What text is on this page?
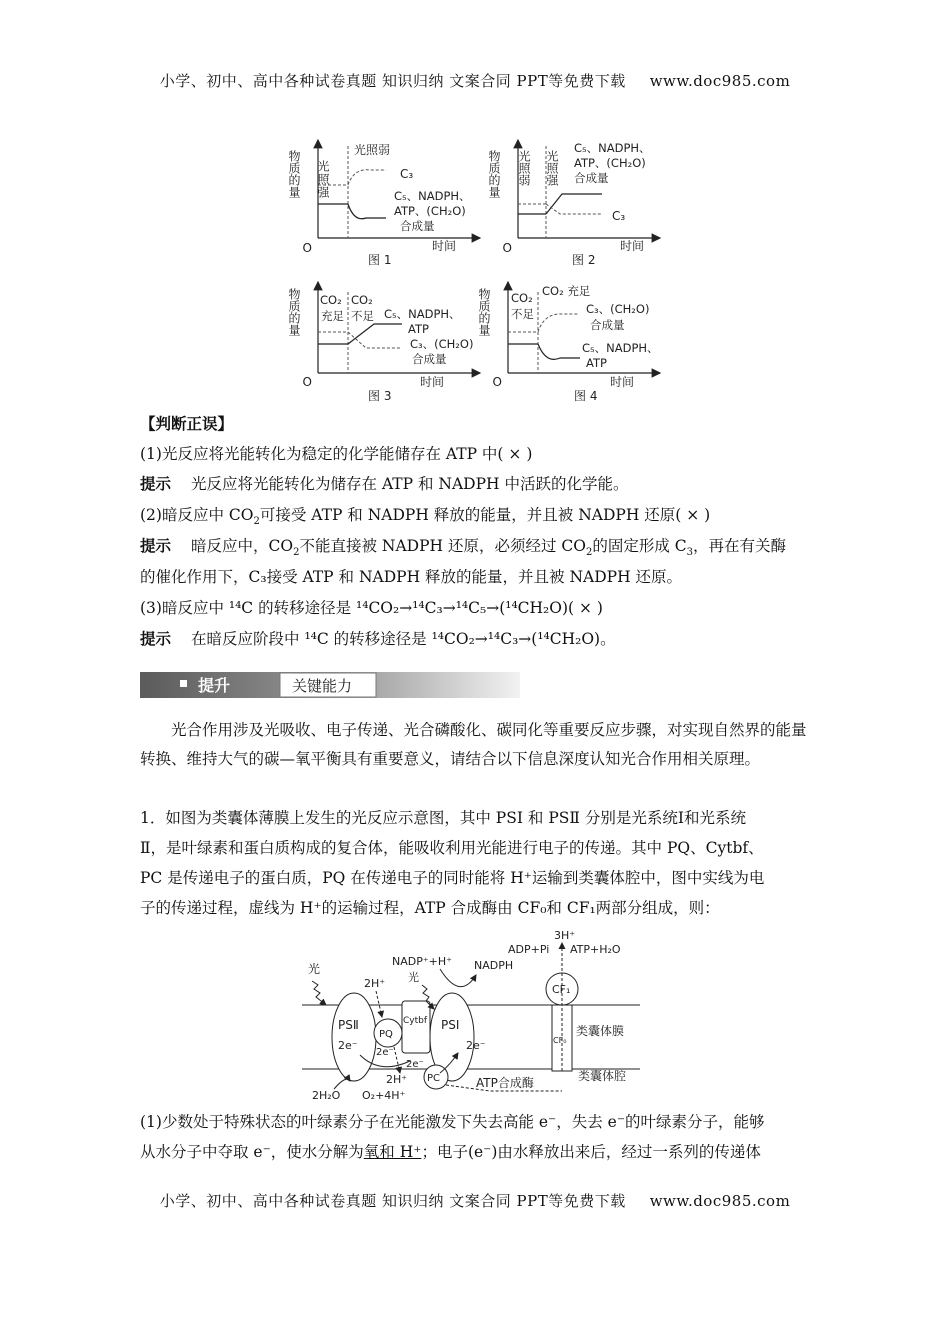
小学、初中、高中各种试卷真题 知识归纳 文案合同 PPT等免费下载 www.doc985.com
O
物质的量
时间
光照强
光照弱
C₃
C₅、NADPH、
ATP、(CH₂O)
合成量
图 1
O
物质的量
时间
光照弱 光照强
C₅、NADPH、
ATP、(CH₂O)
合成量
C₃
图 2
O
物质的量
时间
CO₂
充足
CO₂
不足 C₅、NADPH、
ATP
C₃、(CH₂O)
合成量
图 3
O
物质的量
时间
CO₂
不足
CO₂ 充足
C₃、(CH₂O)
合成量
C₅、NADPH、
ATP
图 4
【判断正误】
(1)光反应将光能转化为稳定的化学能储存在 ATP 中( × )
提示 光反应将光能转化为储存在 ATP 和 NADPH 中活跃的化学能。
(2)暗反应中 $CO_2$可接受 ATP 和 NADPH 释放的能量，并且被 NADPH 还原( × )
提示 暗反应中，$CO_2$不能直接被 NADPH 还原，必须经过 $CO_2$的固定形成 $C_3$，再在有关酶
的催化作用下，C₃接受 ATP 和 NADPH 释放的能量，并且被 NADPH 还原。
(3)暗反应中 ¹⁴C 的转移途径是 ¹⁴CO₂→¹⁴C₃→¹⁴C₅→(¹⁴CH₂O)( × )
提示 在暗反应阶段中 ¹⁴C 的转移途径是 ¹⁴CO₂→¹⁴C₃→(¹⁴CH₂O)。
提升	关键能力
光合作用涉及光吸收、电子传递、光合磷酸化、碳同化等重要反应步骤，对实现自然界的能量转换、维持大气的碳—氧平衡具有重要意义，请结合以下信息深度认知光合作用相关原理。
1．如图为类囊体薄膜上发生的光反应示意图，其中 PSⅠ 和 PSⅡ 分别是光系统Ⅰ和光系统
Ⅱ，是叶绿素和蛋白质构成的复合体，能吸收利用光能进行电子的传递。其中 PQ、Cytbf、
PC 是传递电子的蛋白质，PQ 在传递电子的同时能将 H⁺运输到类囊体腔中，图中实线为电
子的传递过程，虚线为 H⁺的运输过程，ATP 合成酶由 CF₀和 CF₁两部分组成，则：
类囊体膜
类囊体腔
光
PSⅡ
2e⁻
PQ
2e⁻
2H⁺
Cytbf
2e⁻
2H⁺
PSⅠ
2e⁻
光
PC
NADP⁺+H⁺ NADPH
2H₂O O₂+4H⁺
CF₁
CF₀
3H⁺
ADP+Pi ATP+H₂O
ATP合成酶
(1)少数处于特殊状态的叶绿素分子在光能激发下失去高能 e⁻，失去 e⁻的叶绿素分子，能够
从水分子中夺取 e⁻，使水分解为氧和 H⁺；电子(e⁻)由水释放出来后，经过一系列的传递体
小学、初中、高中各种试卷真题 知识归纳 文案合同 PPT等免费下载 www.doc985.com
